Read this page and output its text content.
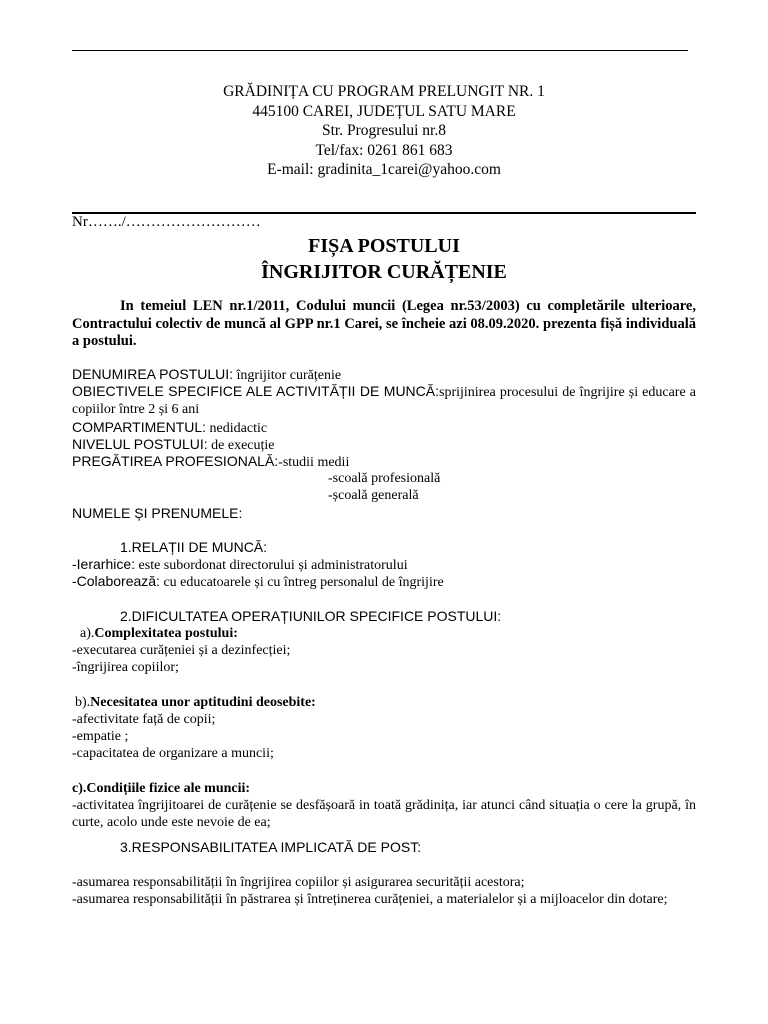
GRĂDINIȚA CU PROGRAM PRELUNGIT NR. 1
445100 CAREI, JUDEȚUL SATU MARE
Str. Progresului nr.8
Tel/fax: 0261 861 683
E-mail: gradinita_1carei@yahoo.com
Nr……./………………………
FIȘA POSTULUI
ÎNGRIJITOR CURĂȚENIE
In temeiul LEN nr.1/2011, Codului muncii (Legea nr.53/2003) cu completările ulterioare, Contractului colectiv de muncă al GPP nr.1 Carei, se încheie azi 08.09.2020. prezenta fișă individuală a postului.
DENUMIREA POSTULUI: îngrijitor curățenie
OBIECTIVELE SPECIFICE ALE ACTIVITĂȚII DE MUNCĂ:sprijinirea procesului de îngrijire și educare a copiilor între 2 și 6 ani
COMPARTIMENTUL: nedidactic
NIVELUL POSTULUI: de execuție
PREGĂTIREA PROFESIONALĂ:-studii medii
-scoală profesională
-școală generală
NUMELE ȘI PRENUMELE:
1.RELAȚII DE MUNCĂ:
-Ierarhice: este subordonat directorului și administratorului
-Colaborează: cu educatoarele și cu întreg personalul de îngrijire
2.DIFICULTATEA OPERAȚIUNILOR SPECIFICE POSTULUI:
a).Complexitatea postului:
-executarea curățeniei și a dezinfecției;
-îngrijirea copiilor;
b).Necesitatea unor aptitudini deosebite:
-afectivitate față de copii;
-empatie ;
-capacitatea de organizare a muncii;
c).Condițiile fizice ale muncii:
-activitatea îngrijitoarei de curățenie se desfășoară in toată grădinița, iar atunci când situația o cere la grupă, în curte, acolo unde este nevoie de ea;
3.RESPONSABILITATEA IMPLICATĂ DE POST:
-asumarea responsabilității în îngrijirea copiilor și asigurarea securității acestora;
-asumarea responsabilității în păstrarea și întreținerea curățeniei, a materialelor și a mijloacelor din dotare;
